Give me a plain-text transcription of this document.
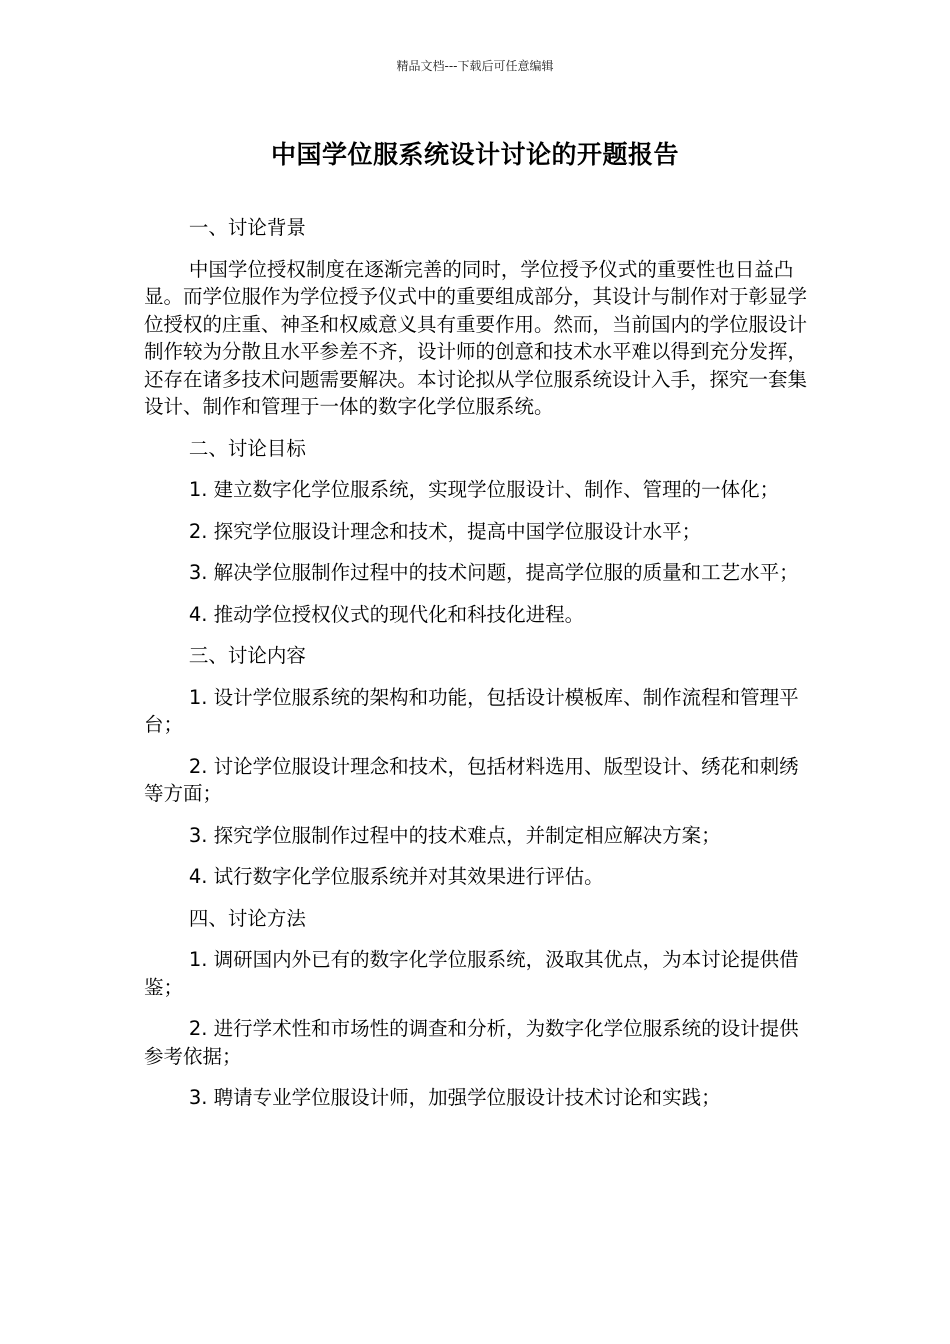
精品文档---下载后可任意编辑
中国学位服系统设计讨论的开题报告

一、讨论背景

中国学位授权制度在逐渐完善的同时，学位授予仪式的重要性也日益凸显。而学位服作为学位授予仪式中的重要组成部分，其设计与制作对于彰显学位授权的庄重、神圣和权威意义具有重要作用。然而，当前国内的学位服设计制作较为分散且水平参差不齐，设计师的创意和技术水平难以得到充分发挥，还存在诸多技术问题需要解决。本讨论拟从学位服系统设计入手，探究一套集设计、制作和管理于一体的数字化学位服系统。

二、讨论目标

1. 建立数字化学位服系统，实现学位服设计、制作、管理的一体化；

2. 探究学位服设计理念和技术，提高中国学位服设计水平；

3. 解决学位服制作过程中的技术问题，提高学位服的质量和工艺水平；

4. 推动学位授权仪式的现代化和科技化进程。

三、讨论内容

1. 设计学位服系统的架构和功能，包括设计模板库、制作流程和管理平台；

2. 讨论学位服设计理念和技术，包括材料选用、版型设计、绣花和刺绣等方面；

3. 探究学位服制作过程中的技术难点，并制定相应解决方案；

4. 试行数字化学位服系统并对其效果进行评估。

四、讨论方法

1. 调研国内外已有的数字化学位服系统，汲取其优点，为本讨论提供借鉴；

2. 进行学术性和市场性的调查和分析，为数字化学位服系统的设计提供参考依据；

3. 聘请专业学位服设计师，加强学位服设计技术讨论和实践；
